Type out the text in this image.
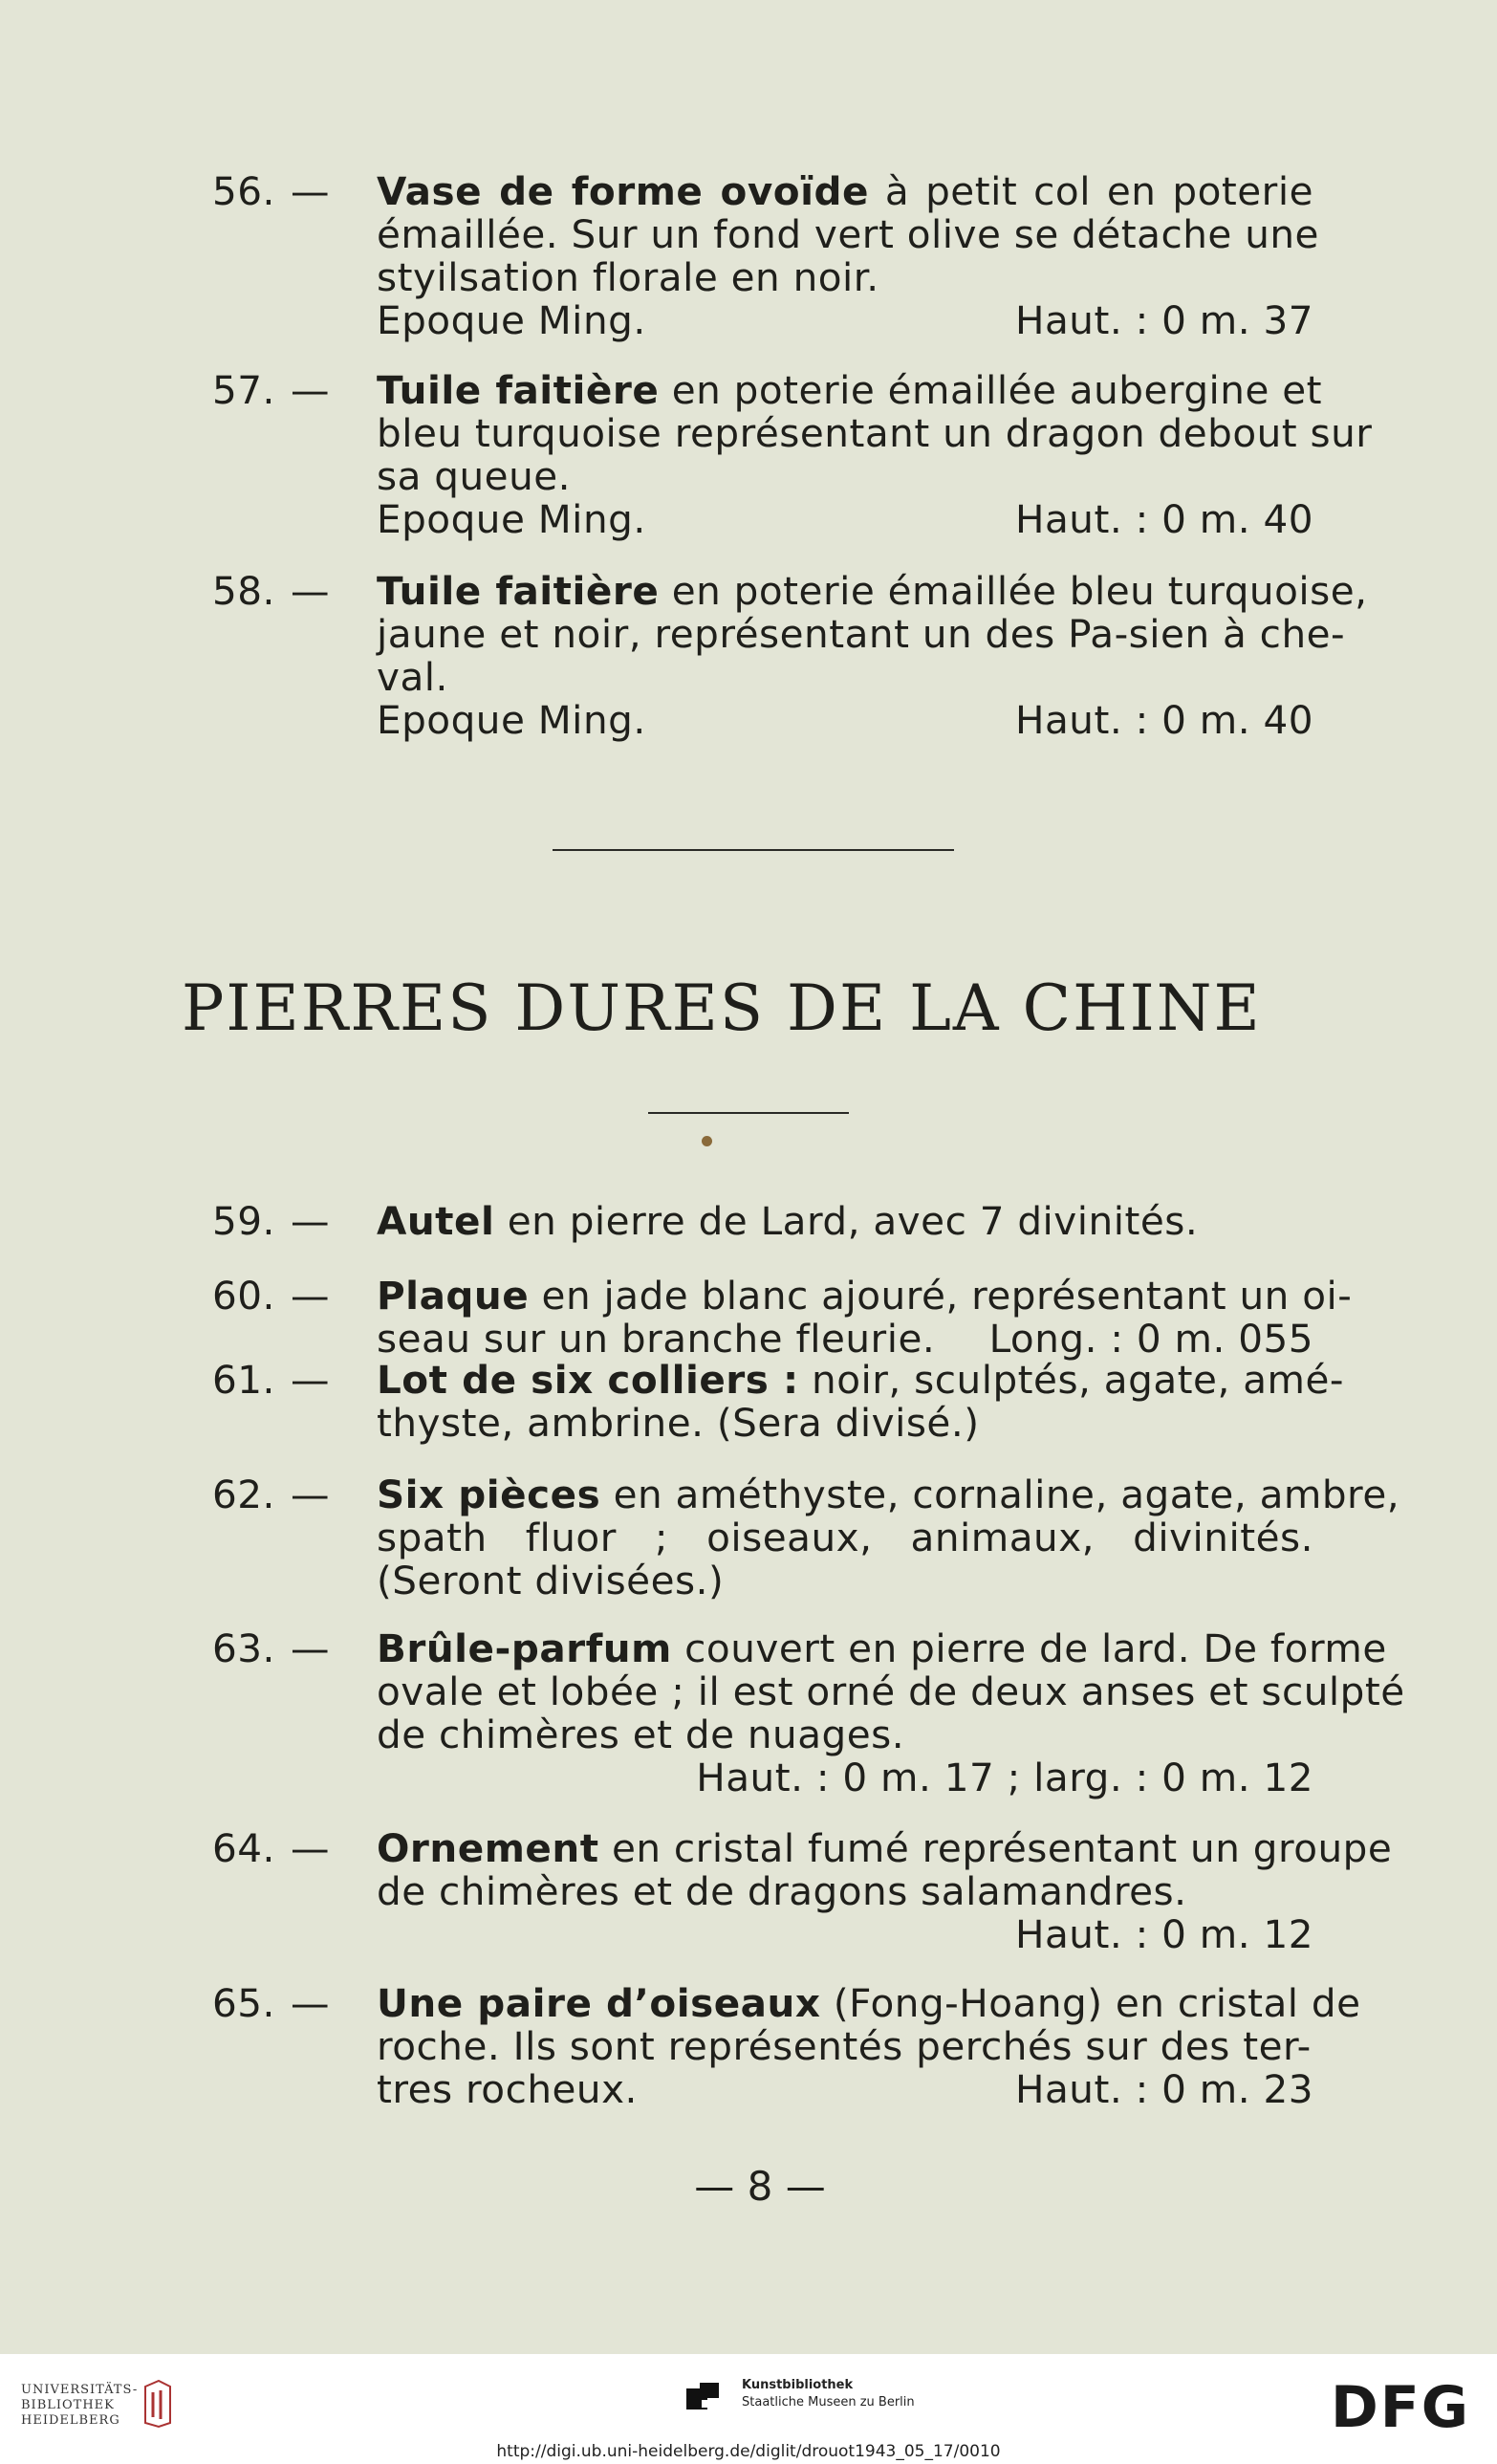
56. —	Vase de forme ovoïde à petit col en poterie
émaillée. Sur un fond vert olive se détache une
styilsation florale en noir.
Epoque Ming.	Haut. : 0 m. 37
57. —	Tuile faitière en poterie émaillée aubergine et
bleu turquoise représentant un dragon debout sur
sa queue.
Epoque Ming.	Haut. : 0 m. 40
58. —	Tuile faitière en poterie émaillée bleu turquoise,
jaune et noir, représentant un des Pa-sien à che-
val.
Epoque Ming.	Haut. : 0 m. 40
PIERRES DURES DE LA CHINE
59. —	Autel en pierre de Lard, avec 7 divinités.
60. —	Plaque en jade blanc ajouré, représentant un oi-
seau sur un branche fleurie. Long. : 0 m. 055
61. —	Lot de six colliers : noir, sculptés, agate, amé-
thyste, ambrine. (Sera divisé.)
62. —	Six pièces en améthyste, cornaline, agate, ambre,
spath fluor ; oiseaux, animaux, divinités.
(Seront divisées.)
63. —	Brûle-parfum couvert en pierre de lard. De forme
ovale et lobée ; il est orné de deux anses et sculpté
de chimères et de nuages.
Haut. : 0 m. 17 ; larg. : 0 m. 12
64. —	Ornement en cristal fumé représentant un groupe
de chimères et de dragons salamandres.
Haut. : 0 m. 12
65. —	Une paire d’oiseaux (Fong-Hoang) en cristal de
roche. Ils sont représentés perchés sur des ter-
tres rocheux.	Haut. : 0 m. 23
— 8 —
UNIVERSITÄTS-
BIBLIOTHEK
HEIDELBERG
Kunstbibliothek
Staatliche Museen zu Berlin	DFG
http://digi.ub.uni-heidelberg.de/diglit/drouot1943_05_17/0010
